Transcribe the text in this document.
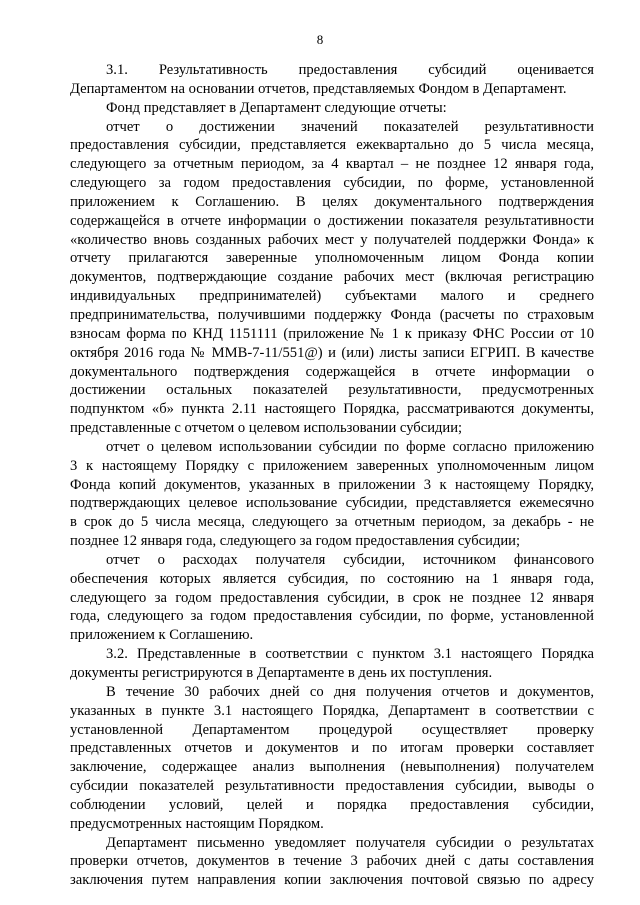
8
3.1. Результативность предоставления субсидий оценивается
Департаментом на основании отчетов, представляемых Фондом в Департамент.
Фонд представляет в Департамент следующие отчеты:
отчет о достижении значений показателей результативности
предоставления субсидии, представляется ежеквартально до 5 числа месяца,
следующего за отчетным периодом, за 4 квартал – не позднее 12 января года,
следующего за годом предоставления субсидии, по форме, установленной
приложением к Соглашению. В целях документального подтверждения
содержащейся в отчете информации о достижении показателя результативности
«количество вновь созданных рабочих мест у получателей поддержки Фонда» к
отчету прилагаются заверенные уполномоченным лицом Фонда копии
документов, подтверждающие создание рабочих мест (включая регистрацию
индивидуальных предпринимателей) субъектами малого и среднего
предпринимательства, получившими поддержку Фонда (расчеты по страховым
взносам форма по КНД 1151111 (приложение № 1 к приказу ФНС России от 10
октября 2016 года № ММВ-7-11/551@) и (или) листы записи ЕГРИП. В качестве
документального подтверждения содержащейся в отчете информации о
достижении остальных показателей результативности, предусмотренных
подпунктом «б» пункта 2.11 настоящего Порядка, рассматриваются документы,
представленные с отчетом о целевом использовании субсидии;
отчет о целевом использовании субсидии по форме согласно приложению
3 к настоящему Порядку с приложением заверенных уполномоченным лицом
Фонда копий документов, указанных в приложении 3 к настоящему Порядку,
подтверждающих целевое использование субсидии, представляется ежемесячно
в срок до 5 числа месяца, следующего за отчетным периодом, за декабрь - не
позднее 12 января года, следующего за годом предоставления субсидии;
отчет о расходах получателя субсидии, источником финансового
обеспечения которых является субсидия, по состоянию на 1 января года,
следующего за годом предоставления субсидии, в срок не позднее 12 января
года, следующего за годом предоставления субсидии, по форме, установленной
приложением к Соглашению.
3.2. Представленные в соответствии с пунктом 3.1 настоящего Порядка
документы регистрируются в Департаменте в день их поступления.
В течение 30 рабочих дней со дня получения отчетов и документов,
указанных в пункте 3.1 настоящего Порядка, Департамент в соответствии с
установленной Департаментом процедурой осуществляет проверку
представленных отчетов и документов и по итогам проверки составляет
заключение, содержащее анализ выполнения (невыполнения) получателем
субсидии показателей результативности предоставления субсидии, выводы о
соблюдении условий, целей и порядка предоставления субсидии,
предусмотренных настоящим Порядком.
Департамент письменно уведомляет получателя субсидии о результатах
проверки отчетов, документов в течение 3 рабочих дней с даты составления
заключения путем направления копии заключения почтовой связью по адресу
